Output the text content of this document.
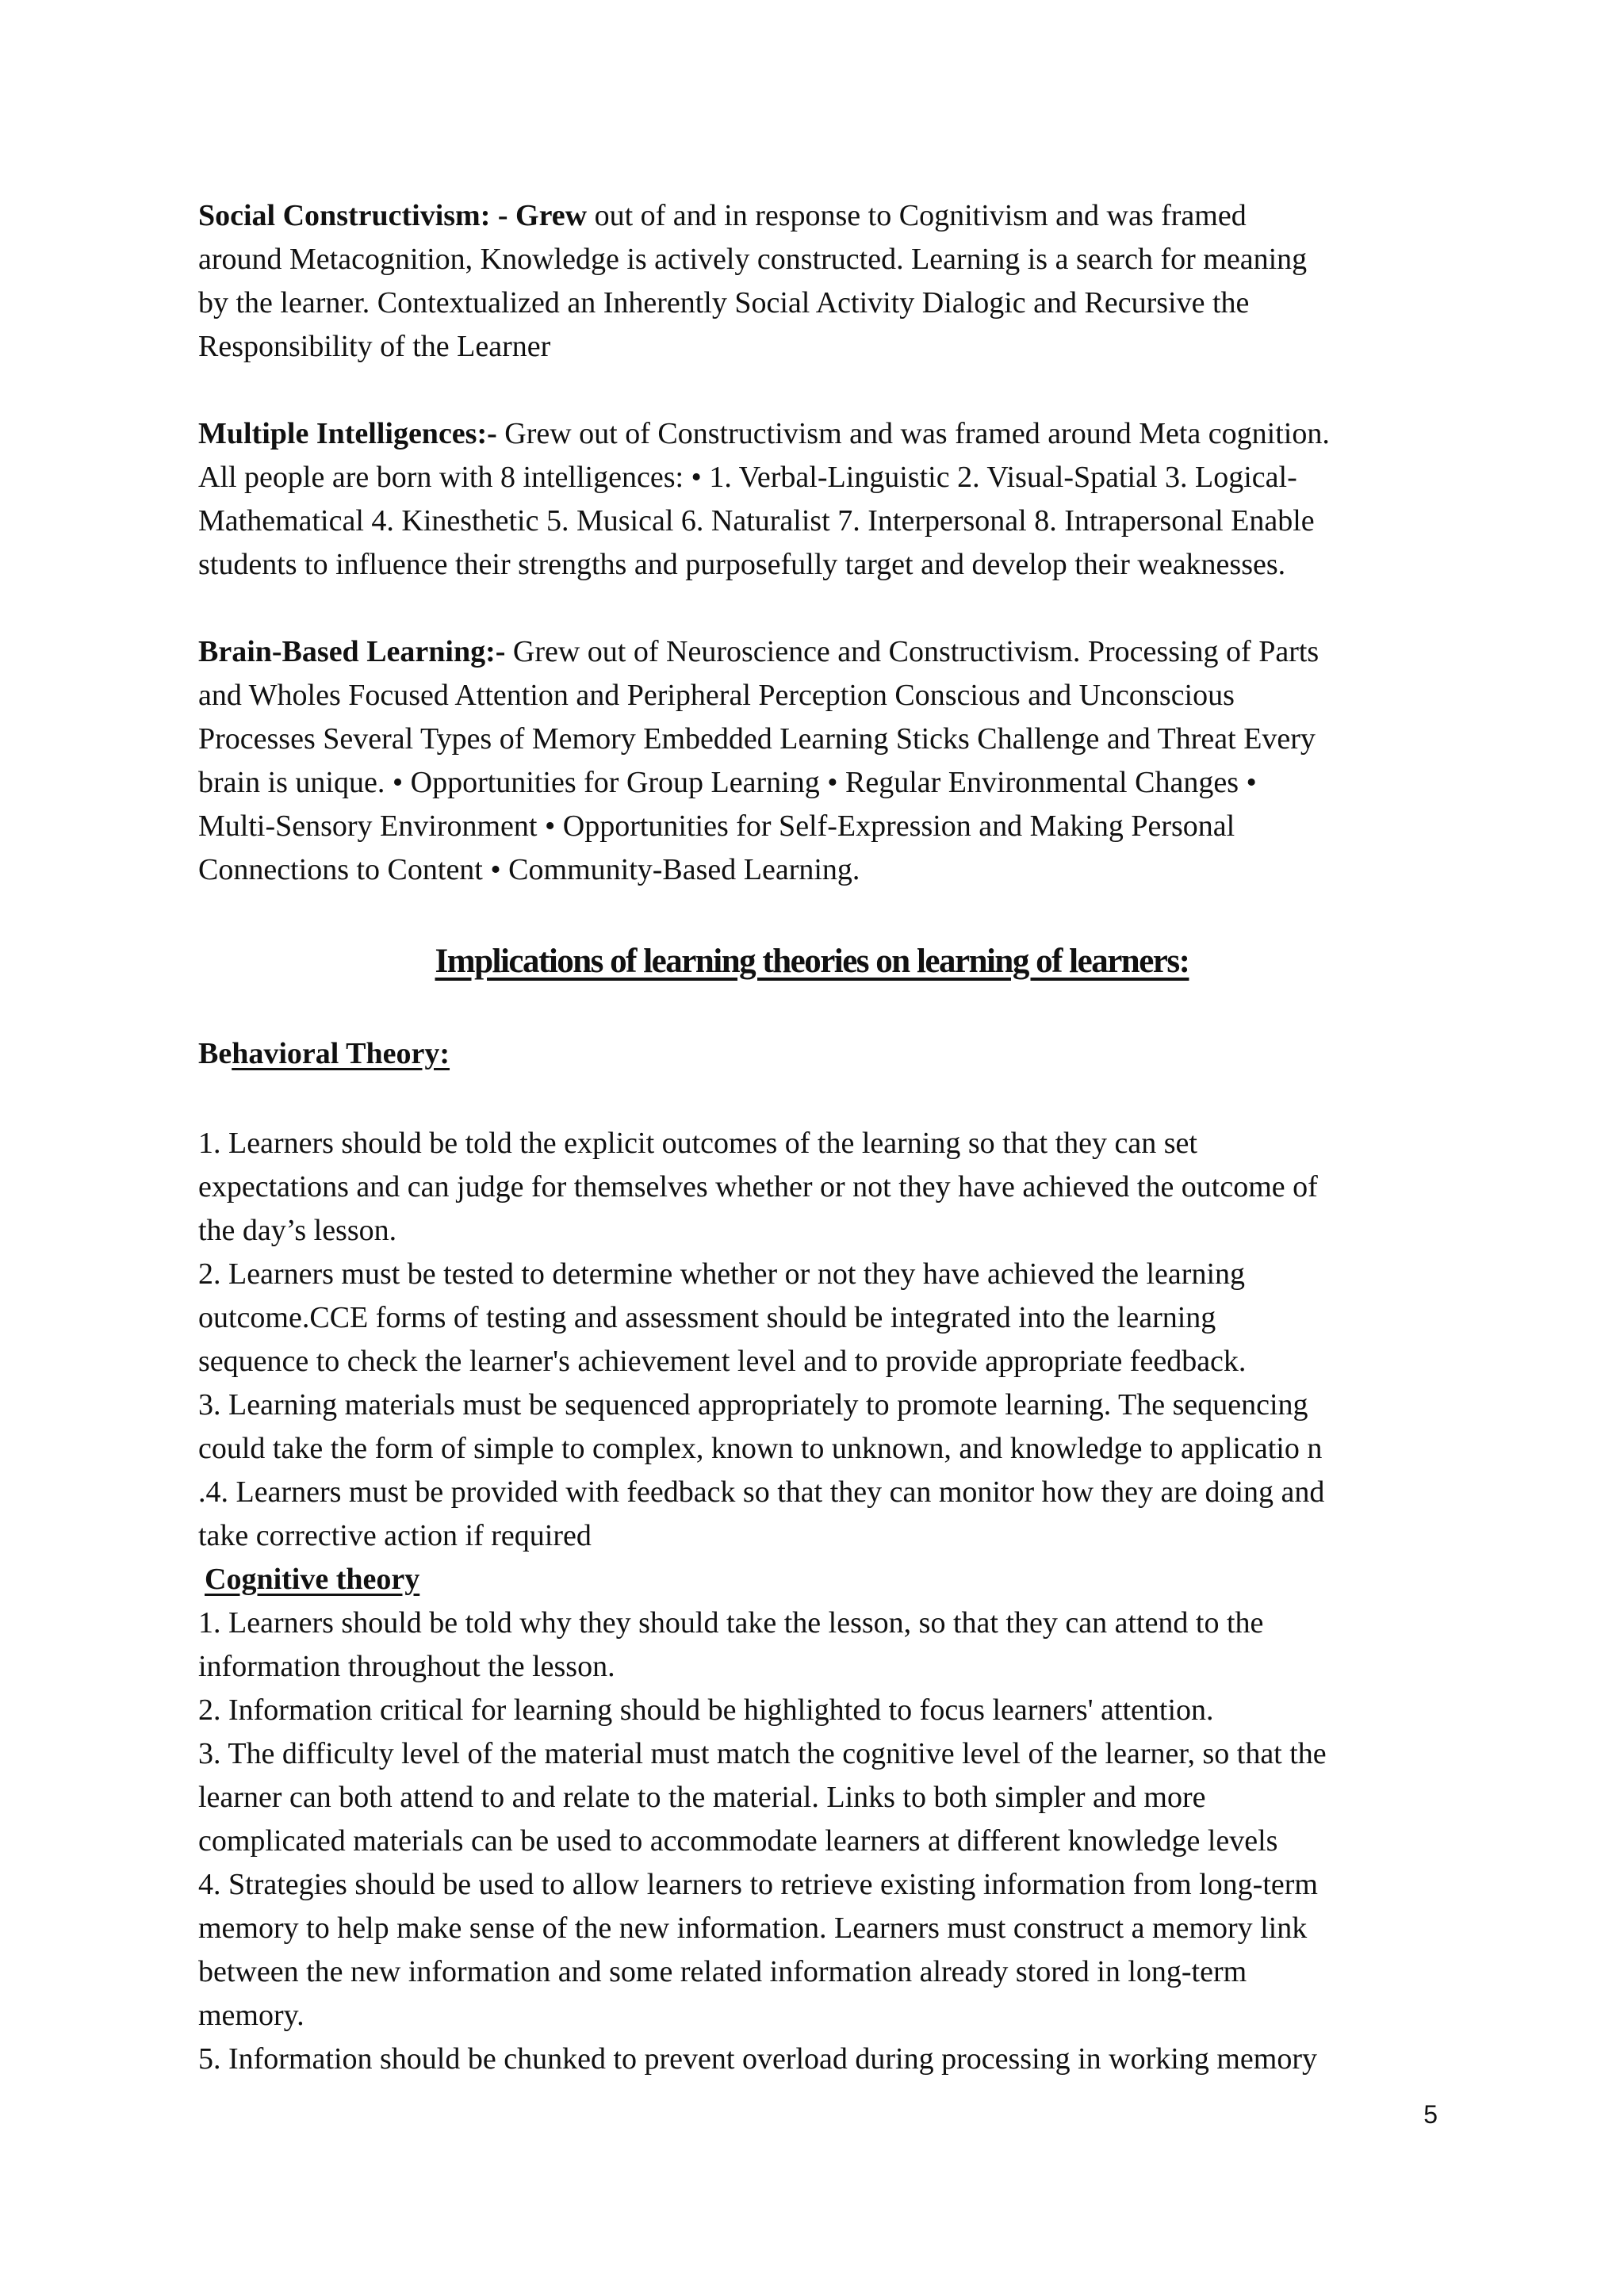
Social Constructivism: - Grew out of and in response to Cognitivism and was framed
around Metacognition, Knowledge is actively constructed. Learning is a search for meaning
by the learner. Contextualized an Inherently Social Activity Dialogic and Recursive the
Responsibility of the Learner
Multiple Intelligences:- Grew out of Constructivism and was framed around Meta cognition.
All people are born with 8 intelligences: • 1. Verbal-Linguistic 2. Visual-Spatial 3. Logical-
Mathematical 4. Kinesthetic 5. Musical 6. Naturalist 7. Interpersonal 8. Intrapersonal Enable
students to influence their strengths and purposefully target and develop their weaknesses.
Brain-Based Learning:- Grew out of Neuroscience and Constructivism. Processing of Parts
and Wholes Focused Attention and Peripheral Perception Conscious and Unconscious
Processes Several Types of Memory Embedded Learning Sticks Challenge and Threat Every
brain is unique. • Opportunities for Group Learning • Regular Environmental Changes •
Multi-Sensory Environment • Opportunities for Self-Expression and Making Personal
Connections to Content • Community-Based Learning.
Implications of learning theories on learning of learners:
Behavioral Theory:
1. Learners should be told the explicit outcomes of the learning so that they can set
expectations and can judge for themselves whether or not they have achieved the outcome of
the day’s lesson.
2. Learners must be tested to determine whether or not they have achieved the learning
outcome.CCE forms of testing and assessment should be integrated into the learning
sequence to check the learner's achievement level and to provide appropriate feedback.
3. Learning materials must be sequenced appropriately to promote learning. The sequencing
could take the form of simple to complex, known to unknown, and knowledge to applicatio n
.4. Learners must be provided with feedback so that they can monitor how they are doing and
take corrective action if required
Cognitive theory
1. Learners should be told why they should take the lesson, so that they can attend to the
information throughout the lesson.
2. Information critical for learning should be highlighted to focus learners' attention.
3. The difficulty level of the material must match the cognitive level of the learner, so that the
learner can both attend to and relate to the material. Links to both simpler and more
complicated materials can be used to accommodate learners at different knowledge levels
4. Strategies should be used to allow learners to retrieve existing information from long-term
memory to help make sense of the new information. Learners must construct a memory link
between the new information and some related information already stored in long-term
memory.
5. Information should be chunked to prevent overload during processing in working memory
5
